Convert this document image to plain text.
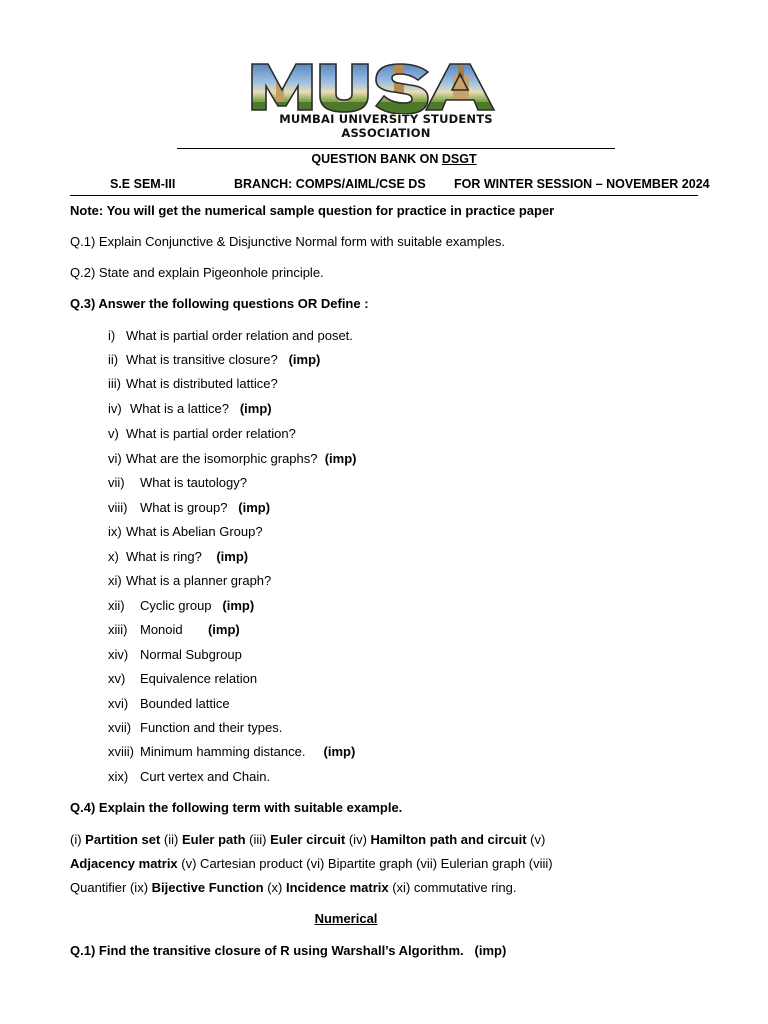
MUMBAI UNIVERSITY STUDENTS ASSOCIATION
QUESTION BANK ON DSGT
S.E SEM-III	BRANCH: COMPS/AIML/CSE DS FOR WINTER SESSION – NOVEMBER 2024
Note: You will get the numerical sample question for practice in practice paper
Q.1) Explain Conjunctive & Disjunctive Normal form with suitable examples.
Q.2) State and explain Pigeonhole principle.
Q.3) Answer the following questions OR Define :
i) What is partial order relation and poset.
ii) What is transitive closure? (imp)
iii) What is distributed lattice?
iv) What is a lattice? (imp)
v) What is partial order relation?
vi) What are the isomorphic graphs? (imp)
vii) What is tautology?
viii) What is group? (imp)
ix) What is Abelian Group?
x) What is ring? (imp)
xi) What is a planner graph?
xii) Cyclic group (imp)
xiii) Monoid (imp)
xiv) Normal Subgroup
xv) Equivalence relation
xvi) Bounded lattice
xvii) Function and their types.
xviii) Minimum hamming distance. (imp)
xix) Curt vertex and Chain.
Q.4) Explain the following term with suitable example.
(i) Partition set (ii) Euler path (iii) Euler circuit (iv) Hamilton path and circuit (v)
Adjacency matrix (v) Cartesian product (vi) Bipartite graph (vii) Eulerian graph (viii)
Quantifier (ix) Bijective Function (x) Incidence matrix (xi) commutative ring.
Numerical
Q.1) Find the transitive closure of R using Warshall’s Algorithm. (imp)
